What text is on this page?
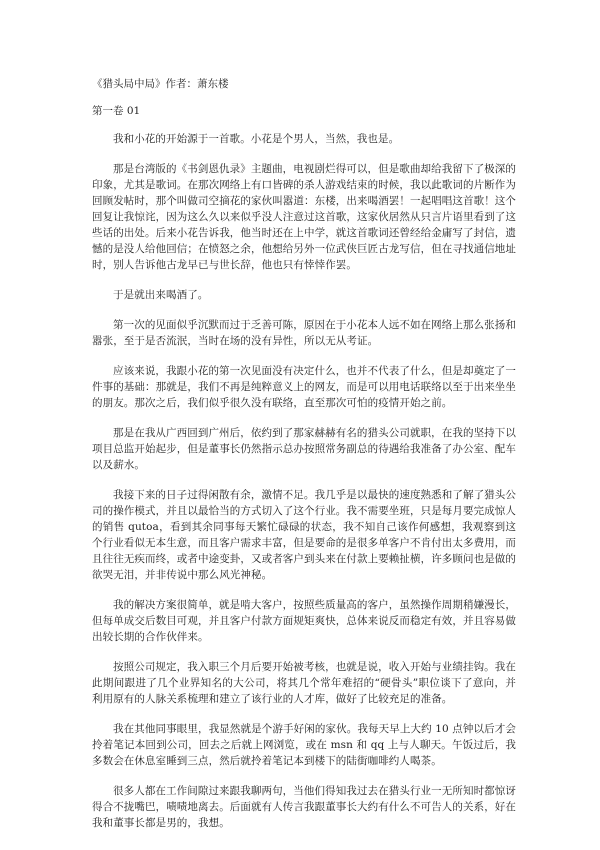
《猎头局中局》作者：萧东楼

第一卷 01

我和小花的开始源于一首歌。小花是个男人，当然，我也是。

那是台湾版的《书剑恩仇录》主题曲，电视剧烂得可以，但是歌曲却给我留下了极深的印象，尤其是歌词。在那次网络上有口皆碑的杀人游戏结束的时候，我以此歌词的片断作为回顾发帖时，那个叫做司空摘花的家伙叫嚣道：东楼，出来喝酒罢！一起唱唱这首歌！这个回复让我惊诧，因为这么久以来似乎没人注意过这首歌，这家伙居然从只言片语里看到了这些话的出处。后来小花告诉我，他当时还在上中学，就这首歌词还曾经给金庸写了封信，遗憾的是没人给他回信；在愤怒之余，他想给另外一位武侠巨匠古龙写信，但在寻找通信地址时，别人告诉他古龙早已与世长辞，他也只有悻悻作罢。

于是就出来喝酒了。

第一次的见面似乎沉默而过于乏善可陈，原因在于小花本人远不如在网络上那么张扬和嚣张，至于是否流泯，当时在场的没有异性，所以无从考证。

应该来说，我跟小花的第一次见面没有决定什么，也并不代表了什么，但是却奠定了一件事的基础：那就是，我们不再是纯粹意义上的网友，而是可以用电话联络以至于出来坐坐的朋友。那次之后，我们似乎很久没有联络，直至那次可怕的疫情开始之前。

那是在我从广西回到广州后，依约到了那家赫赫有名的猎头公司就职，在我的坚持下以项目总监开始起步，但是董事长仍然指示总办按照常务副总的待遇给我准备了办公室、配车以及薪水。

我接下来的日子过得闲散有余，激情不足。我几乎是以最快的速度熟悉和了解了猎头公司的操作模式，并且以最恰当的方式切入了这个行业。我不需要坐班，只是每月要完成惊人的销售 qutoa，看到其余同事每天繁忙碌碌的状态，我不知自己该作何感想，我观察到这个行业看似无本生意，而且客户需求丰富，但是要命的是很多单客户不肯付出太多费用，而且往往无疾而终，或者中途变卦，又或者客户到头来在付款上要赖扯横，许多顾问也是做的欲哭无泪，并非传说中那么风光神秘。

我的解决方案很简单，就是啃大客户，按照些质量高的客户，虽然操作周期稍嫌漫长，但每单成交后数目可观，并且客户付款方面规矩爽快，总体来说反而稳定有效，并且容易做出较长期的合作伙伴来。

按照公司规定，我入职三个月后要开始被考核，也就是说，收入开始与业绩挂钩。我在此期间跟进了几个业界知名的大公司，将其几个常年难招的“硬骨头”职位谈下了意向，并利用原有的人脉关系梳理和建立了该行业的人才库，做好了比较充足的准备。

我在其他同事眼里，我显然就是个游手好闲的家伙。我每天早上大约 10 点钟以后才会拎着笔记本回到公司，回去之后就上网浏览，或在 msn 和 qq 上与人聊天。午饭过后，我多数会在休息室睡到三点，然后就拎着笔记本到楼下的陆街咖啡约人喝茶。

很多人都在工作间隙过来跟我聊两句，当他们得知我过去在猎头行业一无所知时都惊讶得合不拢嘴巴，啧啧地离去。后面就有人传言我跟董事长大约有什么不可告人的关系，好在我和董事长都是男的，我想。
